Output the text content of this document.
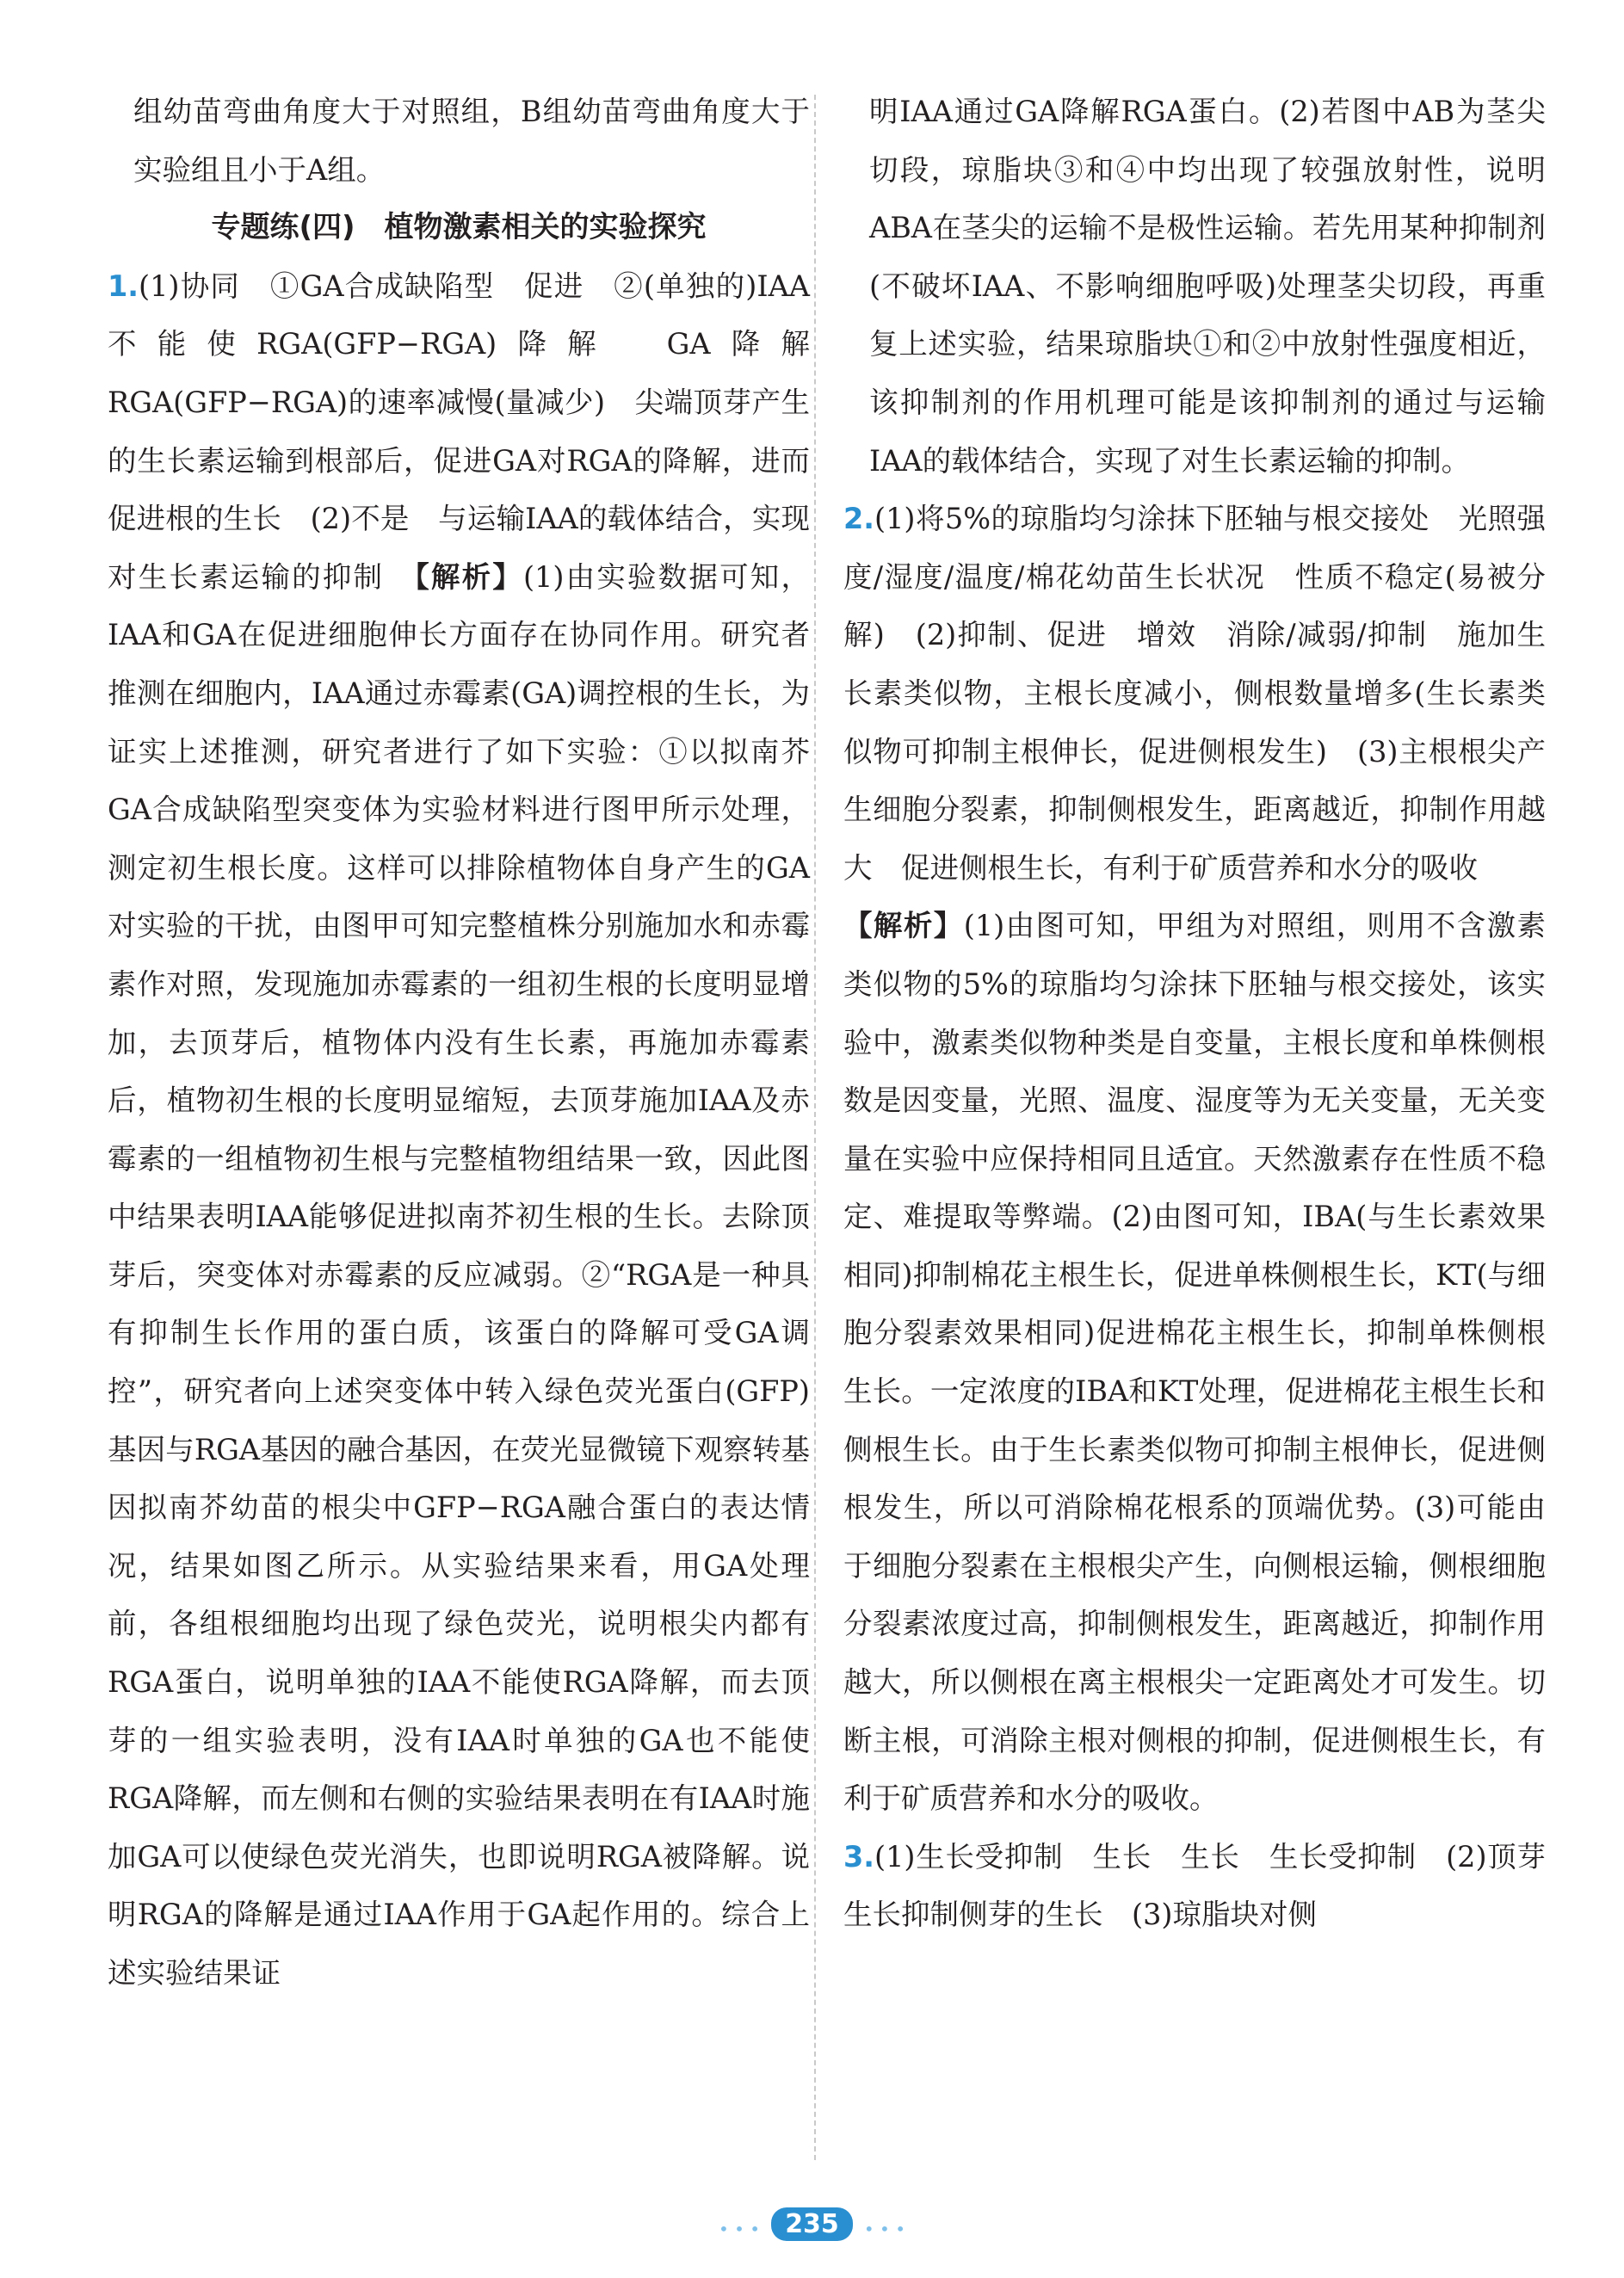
组幼苗弯曲角度大于对照组，B组幼苗弯曲角度大于实验组且小于A组。

专题练(四)　植物激素相关的实验探究

1.(1)协同　①GA合成缺陷型　促进　②(单独的)IAA不能使RGA(GFP−RGA)降解　GA降解RGA(GFP−RGA)的速率减慢(量减少)　尖端顶芽产生的生长素运输到根部后，促进GA对RGA的降解，进而促进根的生长　(2)不是　与运输IAA的载体结合，实现对生长素运输的抑制　【解析】(1)由实验数据可知，IAA和GA在促进细胞伸长方面存在协同作用。研究者推测在细胞内，IAA通过赤霉素(GA)调控根的生长，为证实上述推测，研究者进行了如下实验：①以拟南芥GA合成缺陷型突变体为实验材料进行图甲所示处理，测定初生根长度。这样可以排除植物体自身产生的GA对实验的干扰，由图甲可知完整植株分别施加水和赤霉素作对照，发现施加赤霉素的一组初生根的长度明显增加，去顶芽后，植物体内没有生长素，再施加赤霉素后，植物初生根的长度明显缩短，去顶芽施加IAA及赤霉素的一组植物初生根与完整植物组结果一致，因此图中结果表明IAA能够促进拟南芥初生根的生长。去除顶芽后，突变体对赤霉素的反应减弱。②“RGA是一种具有抑制生长作用的蛋白质，该蛋白的降解可受GA调控”，研究者向上述突变体中转入绿色荧光蛋白(GFP)基因与RGA基因的融合基因，在荧光显微镜下观察转基因拟南芥幼苗的根尖中GFP−RGA融合蛋白的表达情况，结果如图乙所示。从实验结果来看，用GA处理前，各组根细胞均出现了绿色荧光，说明根尖内都有RGA蛋白，说明单独的IAA不能使RGA降解，而去顶芽的一组实验表明，没有IAA时单独的GA也不能使RGA降解，而左侧和右侧的实验结果表明在有IAA时施加GA可以使绿色荧光消失，也即说明RGA被降解。说明RGA的降解是通过IAA作用于GA起作用的。综合上述实验结果证

明IAA通过GA降解RGA蛋白。(2)若图中AB为茎尖切段，琼脂块③和④中均出现了较强放射性，说明ABA在茎尖的运输不是极性运输。若先用某种抑制剂(不破坏IAA、不影响细胞呼吸)处理茎尖切段，再重复上述实验，结果琼脂块①和②中放射性强度相近，该抑制剂的作用机理可能是该抑制剂的通过与运输IAA的载体结合，实现了对生长素运输的抑制。

2.(1)将5%的琼脂均匀涂抹下胚轴与根交接处　光照强度/湿度/温度/棉花幼苗生长状况　性质不稳定(易被分解)　(2)抑制、促进　增效　消除/减弱/抑制　施加生长素类似物，主根长度减小，侧根数量增多(生长素类似物可抑制主根伸长，促进侧根发生)　(3)主根根尖产生细胞分裂素，抑制侧根发生，距离越近，抑制作用越大　促进侧根生长，有利于矿质营养和水分的吸收

【解析】(1)由图可知，甲组为对照组，则用不含激素类似物的5%的琼脂均匀涂抹下胚轴与根交接处，该实验中，激素类似物种类是自变量，主根长度和单株侧根数是因变量，光照、温度、湿度等为无关变量，无关变量在实验中应保持相同且适宜。天然激素存在性质不稳定、难提取等弊端。(2)由图可知，IBA(与生长素效果相同)抑制棉花主根生长，促进单株侧根生长，KT(与细胞分裂素效果相同)促进棉花主根生长，抑制单株侧根生长。一定浓度的IBA和KT处理，促进棉花主根生长和侧根生长。由于生长素类似物可抑制主根伸长，促进侧根发生，所以可消除棉花根系的顶端优势。(3)可能由于细胞分裂素在主根根尖产生，向侧根运输，侧根细胞分裂素浓度过高，抑制侧根发生，距离越近，抑制作用越大，所以侧根在离主根根尖一定距离处才可发生。切断主根，可消除主根对侧根的抑制，促进侧根生长，有利于矿质营养和水分的吸收。

3.(1)生长受抑制　生长　生长　生长受抑制　(2)顶芽生长抑制侧芽的生长　(3)琼脂块对侧

• • • 235 • • •
